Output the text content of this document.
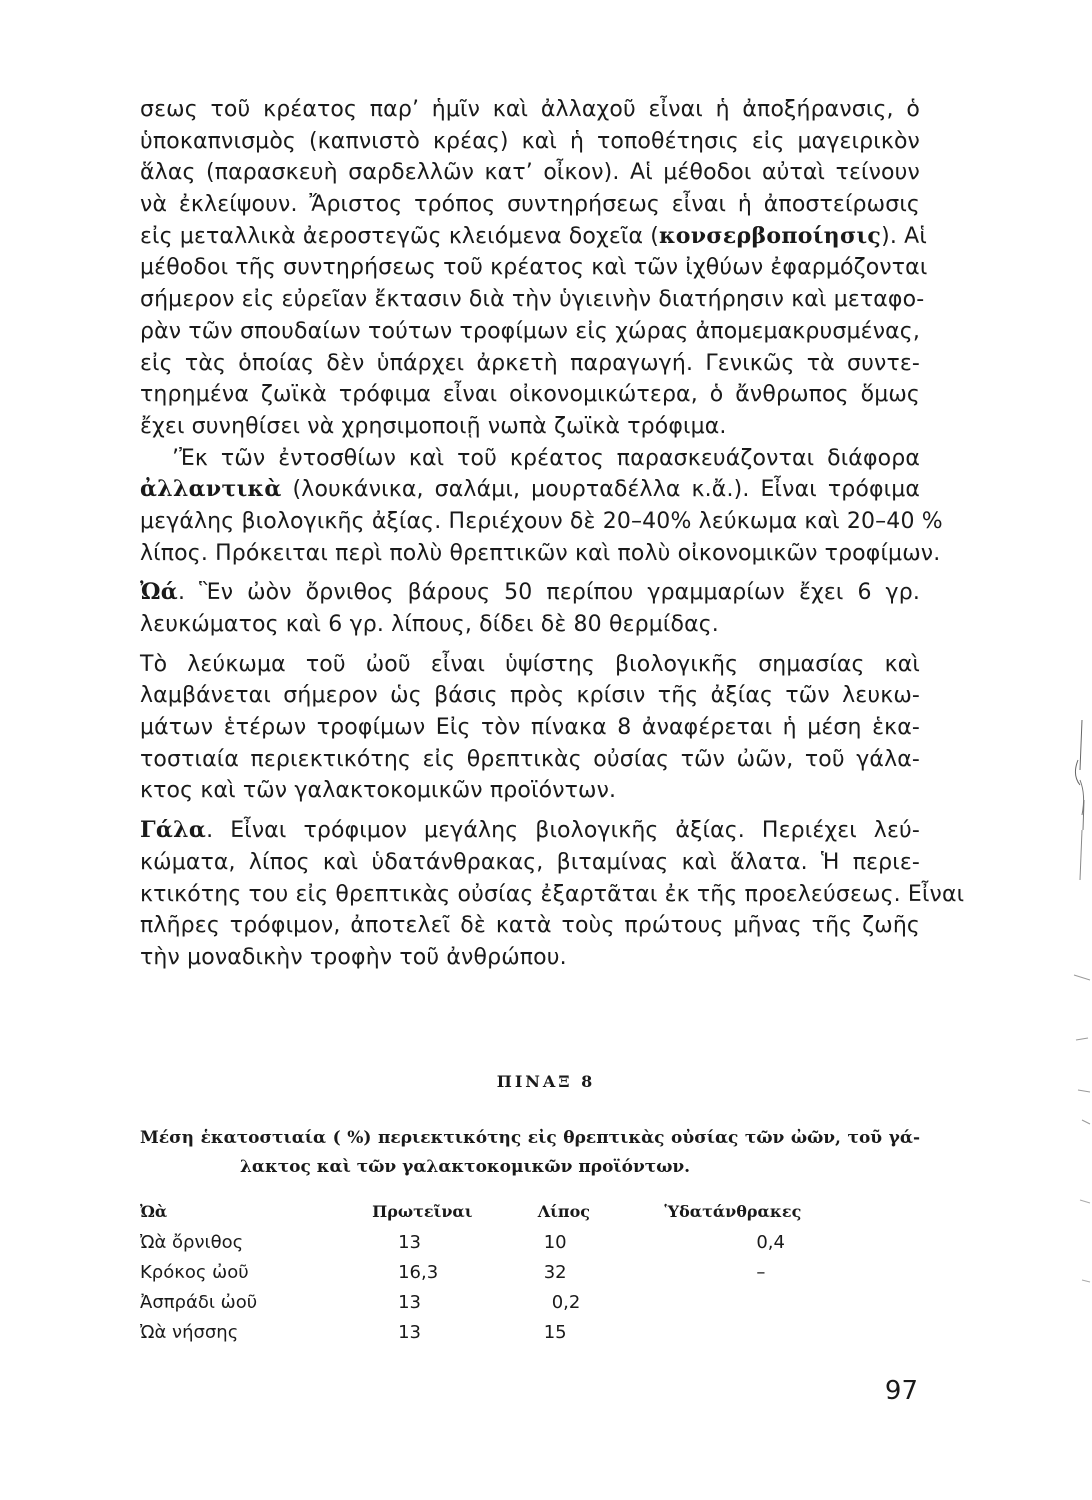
σεως τοῦ κρέατος παρ’ ἡμῖν καὶ ἀλλαχοῦ εἶναι ἡ ἀποξήρανσις, ὁ
ὑποκαπνισμὸς (καπνιστὸ κρέας) καὶ ἡ τοποθέτησις εἰς μαγειρικὸν
ἅλας (παρασκευὴ σαρδελλῶν κατ’ οἶκον). Αἱ μέθοδοι αὐταὶ τείνουν
νὰ ἐκλείψουν. Ἄριστος τρόπος συντηρήσεως εἶναι ἡ ἀποστείρωσις
εἰς μεταλλικὰ ἀεροστεγῶς κλειόμενα δοχεῖα (κονσερβοποίησις). Αἱ
μέθοδοι τῆς συντηρήσεως τοῦ κρέατος καὶ τῶν ἰχθύων ἐφαρμόζονται
σήμερον εἰς εὐρεῖαν ἔκτασιν διὰ τὴν ὑγιεινὴν διατήρησιν καὶ μεταφο-
ρὰν τῶν σπουδαίων τούτων τροφίμων εἰς χώρας ἀπομεμακρυσμένας,
εἰς τὰς ὁποίας δὲν ὑπάρχει ἀρκετὴ παραγωγή. Γενικῶς τὰ συντε-
τηρημένα ζωϊκὰ τρόφιμα εἶναι οἰκονομικώτερα, ὁ ἄνθρωπος ὅμως
ἔχει συνηθίσει νὰ χρησιμοποιῇ νωπὰ ζωϊκὰ τρόφιμα.
’Ἐκ τῶν ἐντοσθίων καὶ τοῦ κρέατος παρασκευάζονται διάφορα
ἀλλαντικὰ (λουκάνικα, σαλάμι, μουρταδέλλα κ.ἄ.). Εἶναι τρόφιμα
μεγάλης βιολογικῆς ἀξίας. Περιέχουν δὲ 20–40% λεύκωμα καὶ 20–40 %
λίπος. Πρόκειται περὶ πολὺ θρεπτικῶν καὶ πολὺ οἰκονομικῶν τροφίμων.
Ὠά. Ἓν ὠὸν ὄρνιθος βάρους 50 περίπου γραμμαρίων ἔχει 6 γρ.
λευκώματος καὶ 6 γρ. λίπους, δίδει δὲ 80 θερμίδας.
Τὸ λεύκωμα τοῦ ὠοῦ εἶναι ὑψίστης βιολογικῆς σημασίας καὶ
λαμβάνεται σήμερον ὡς βάσις πρὸς κρίσιν τῆς ἀξίας τῶν λευκω-
μάτων ἑτέρων τροφίμων Εἰς τὸν πίνακα 8 ἀναφέρεται ἡ μέση ἑκα-
τοστιαία περιεκτικότης εἰς θρεπτικὰς οὐσίας τῶν ὠῶν, τοῦ γάλα-
κτος καὶ τῶν γαλακτοκομικῶν προϊόντων.
Γάλα. Εἶναι τρόφιμον μεγάλης βιολογικῆς ἀξίας. Περιέχει λεύ-
κώματα, λίπος καὶ ὑδατάνθρακας, βιταμίνας καὶ ἅλατα. Ἡ περιε-
κτικότης του εἰς θρεπτικὰς οὐσίας ἐξαρτᾶται ἐκ τῆς προελεύσεως. Εἶναι
πλῆρες τρόφιμον, ἀποτελεῖ δὲ κατὰ τοὺς πρώτους μῆνας τῆς ζωῆς
τὴν μοναδικὴν τροφὴν τοῦ ἀνθρώπου.
ΠΙΝΑΞ 8
Μέση ἑκατοστιαία ( %) περιεκτικότης εἰς θρεπτικὰς οὐσίας τῶν ὠῶν, τοῦ γά-
λακτος καὶ τῶν γαλακτοκομικῶν προϊόντων.
Ὠὰ	Πρωτεῖναι	Λίπος	Ὑδατάνθρακες
Ὠὰ ὄρνιθος	13	10	0,4
Κρόκος ὠοῦ	16,3	32	–
Ἀσπράδι ὠοῦ	13	0,2	
Ὠὰ νήσσης	13	15	
97
